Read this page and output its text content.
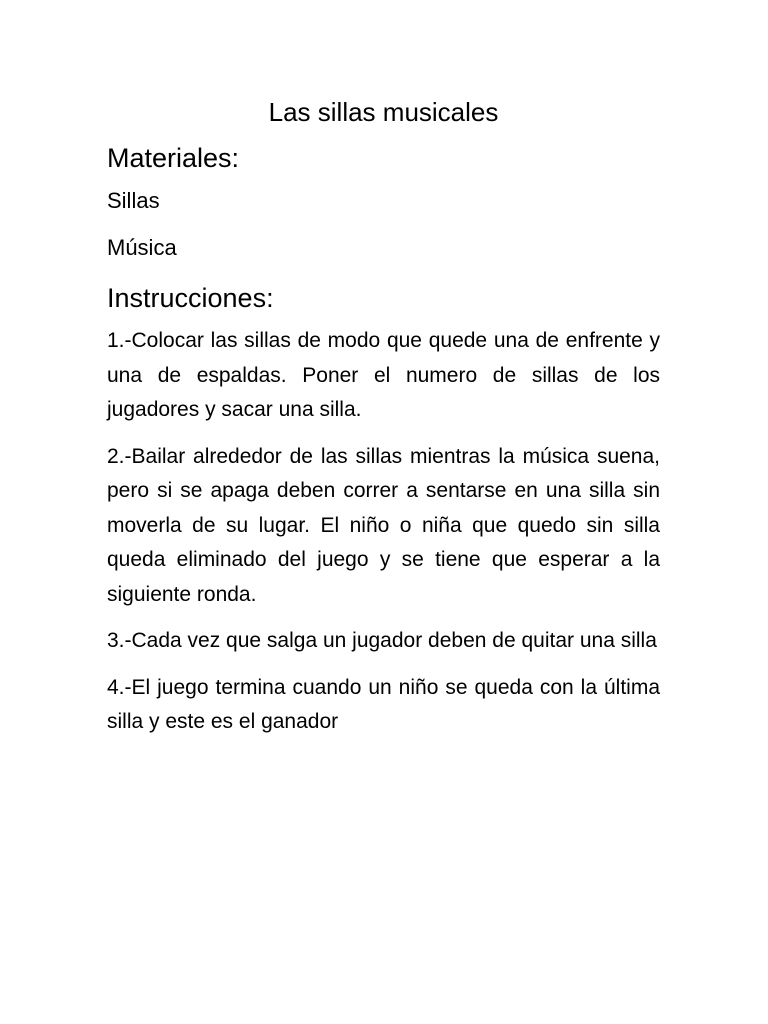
Las sillas musicales
Materiales:

Sillas

Música

Instrucciones:

1.-Colocar las sillas de modo que quede una de enfrente y una de espaldas. Poner el numero de sillas de los jugadores y sacar una silla.

2.-Bailar alrededor de las sillas mientras la música suena, pero si se apaga deben correr a sentarse en una silla sin moverla de su lugar. El niño o niña que quedo sin silla queda eliminado del juego y se tiene que esperar a la siguiente ronda.

3.-Cada vez que salga un jugador deben de quitar una silla

4.-El juego termina cuando un niño se queda con la última silla y este es el ganador
